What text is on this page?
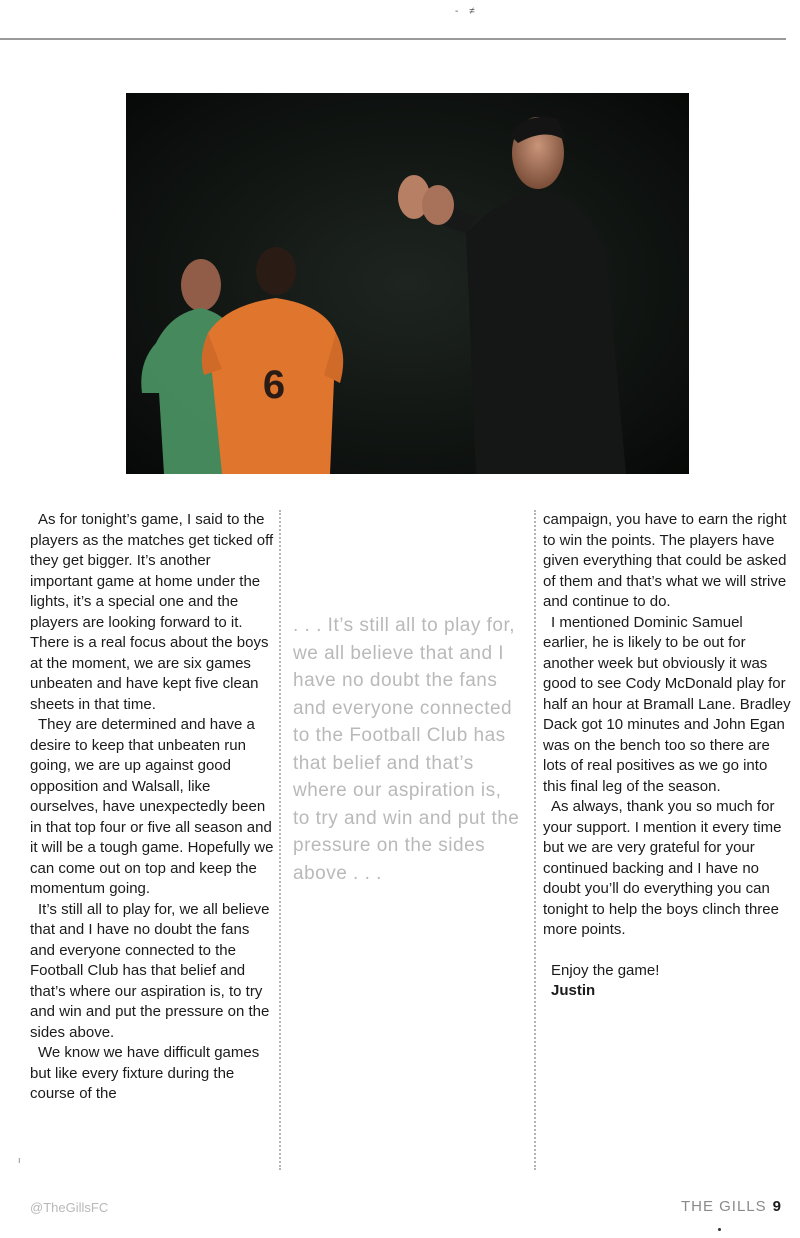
- ≠
6

As for tonight’s game, I said to the players as the matches get ticked off they get bigger. It’s another important game at home under the lights, it’s a special one and the players are looking forward to it. There is a real focus about the boys at the moment, we are six games unbeaten and have kept five clean sheets in that time.

They are determined and have a desire to keep that unbeaten run going, we are up against good opposition and Walsall, like ourselves, have unexpectedly been in that top four or five all season and it will be a tough game. Hopefully we can come out on top and keep the momentum going.

It’s still all to play for, we all believe that and I have no doubt the fans and everyone connected to the Football Club has that belief and that’s where our aspiration is, to try and win and put the pressure on the sides above.

We know we have difficult games but like every fixture during the course of the

. . . It’s still all to play for, we all believe that and I have no doubt the fans and everyone connected to the Football Club has that belief and that’s where our aspiration is, to try and win and put the pressure on the sides above . . .

campaign, you have to earn the right to win the points. The players have given everything that could be asked of them and that’s what we will strive and continue to do.

I mentioned Dominic Samuel earlier, he is likely to be out for another week but obviously it was good to see Cody McDonald play for half an hour at Bramall Lane. Bradley Dack got 10 minutes and John Egan was on the bench too so there are lots of real positives as we go into this final leg of the season.

As always, thank you so much for your support. I mention it every time but we are very grateful for your continued backing and I have no doubt you’ll do everything you can tonight to help the boys clinch three more points.

Enjoy the game!
Justin
ı
@TheGillsFC	THE GILLS 9
